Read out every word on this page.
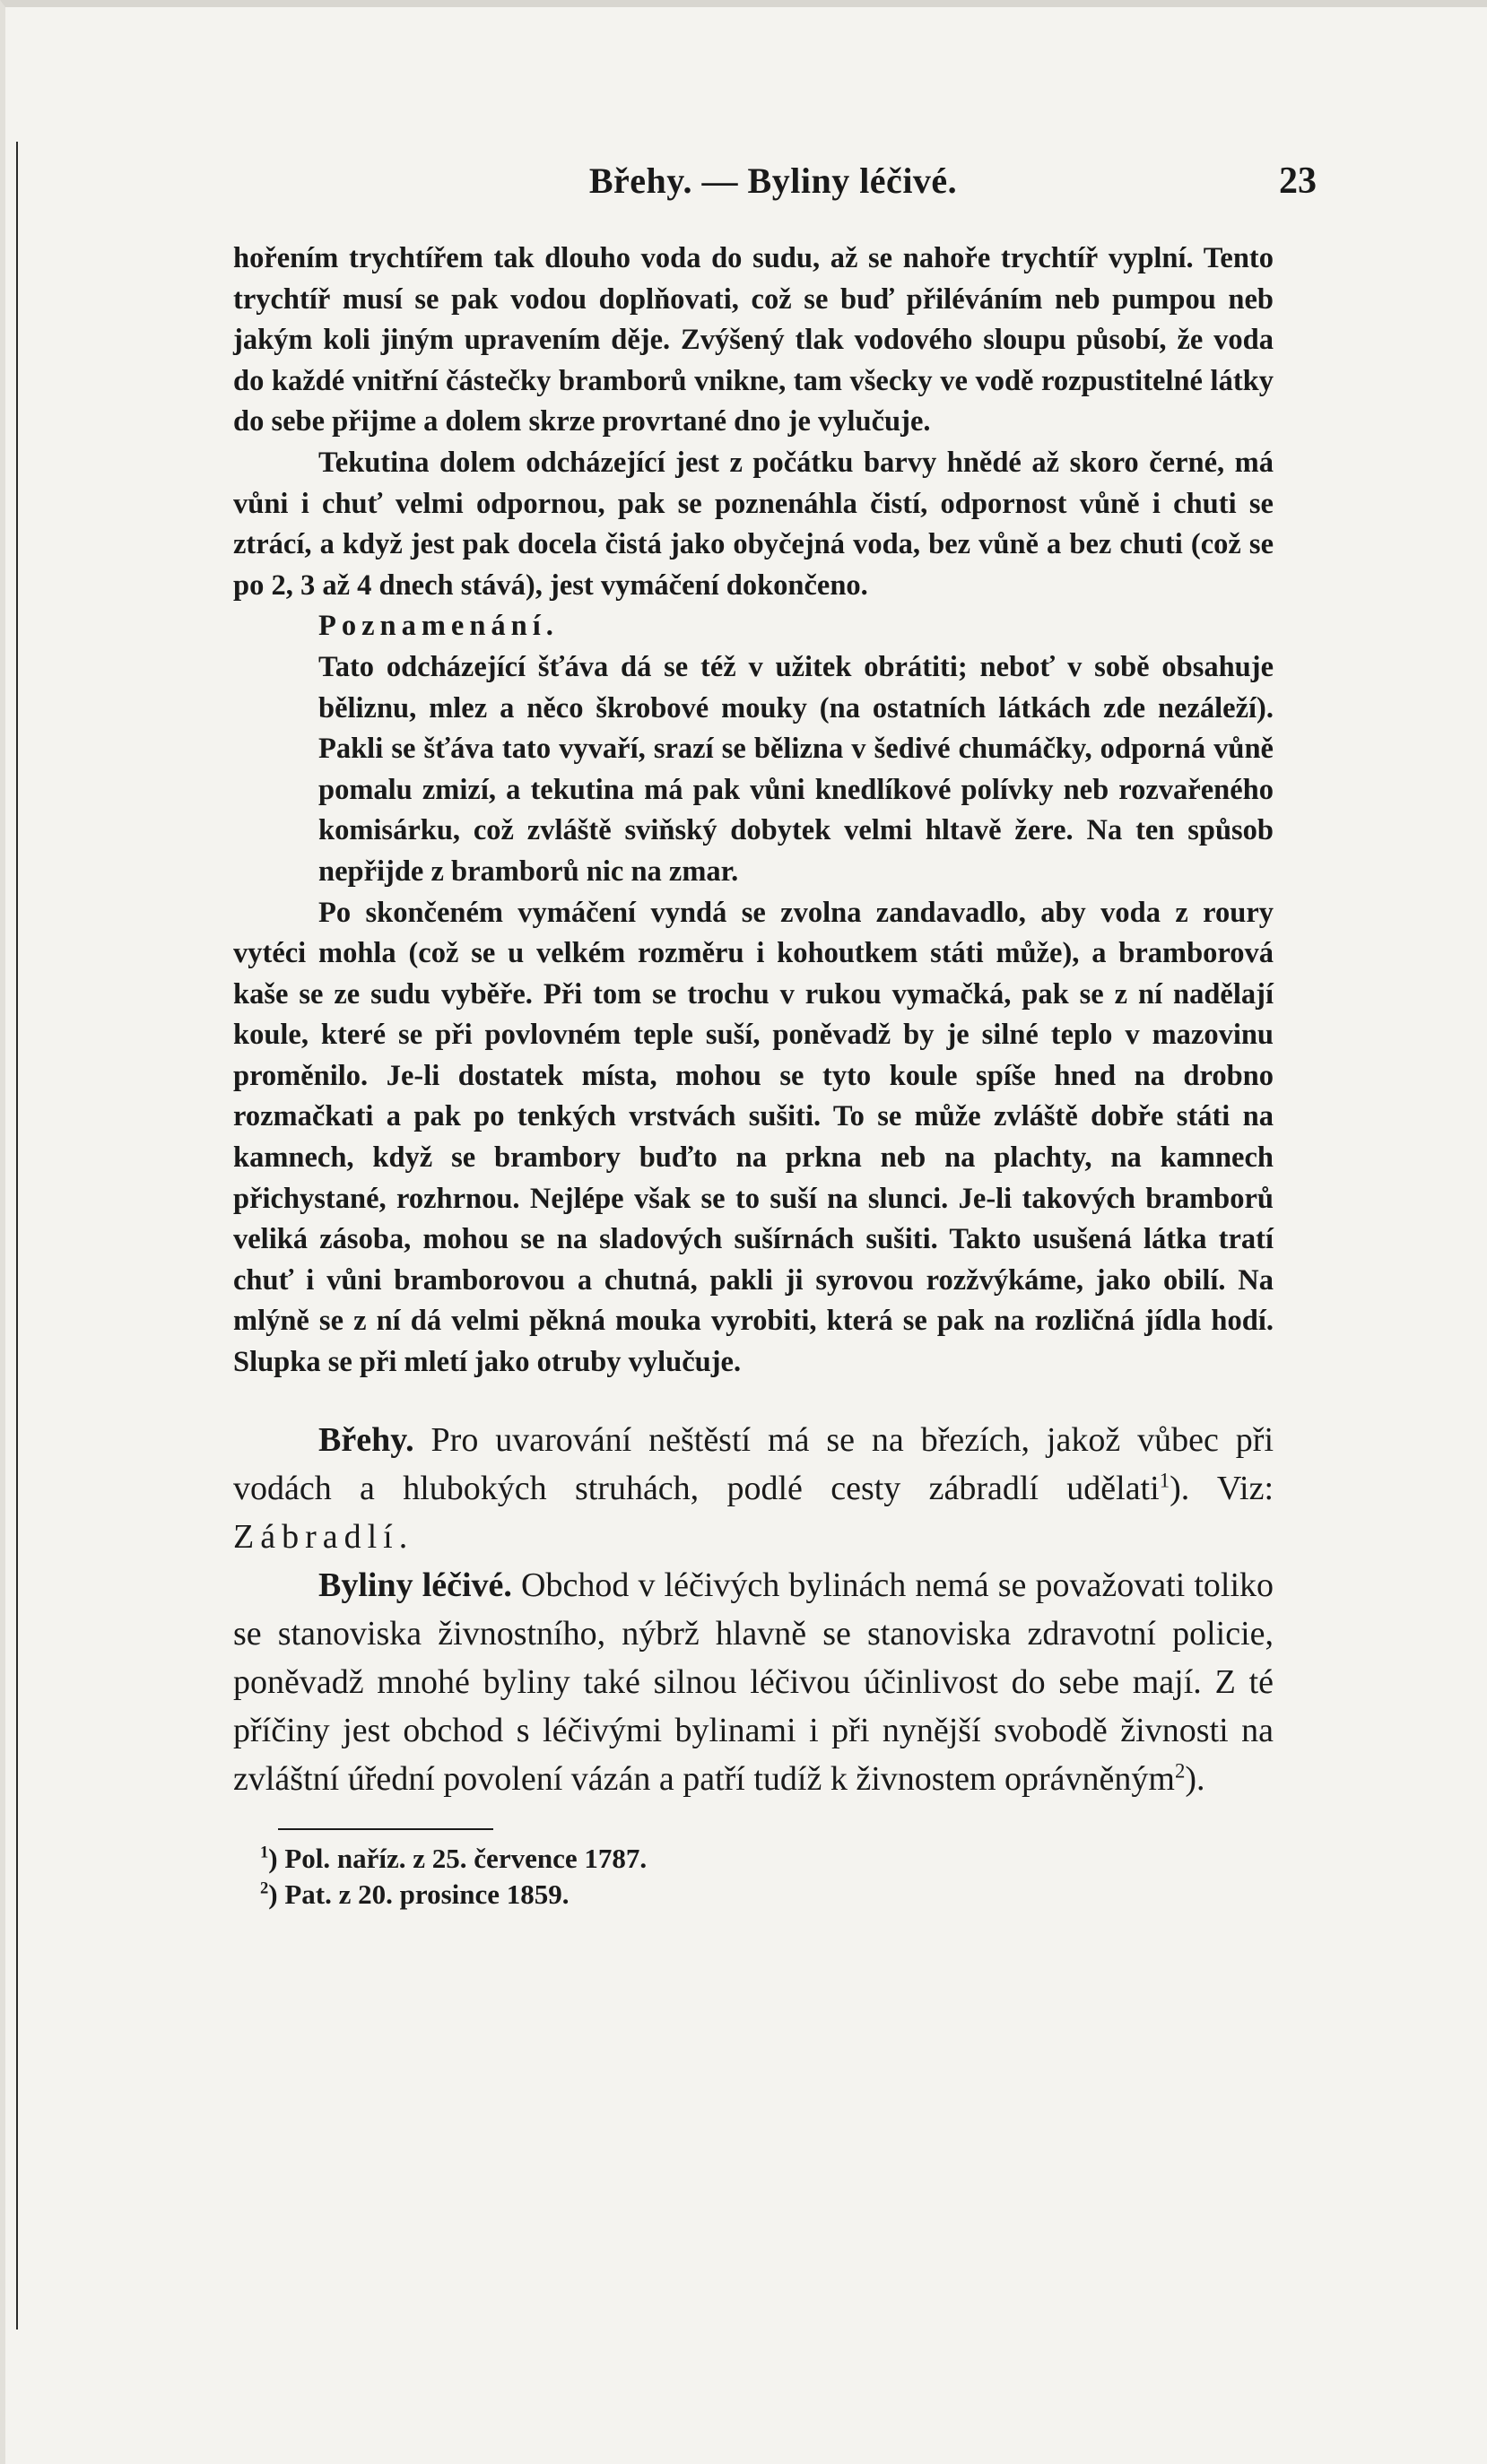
Břehy. — Byliny léčivé.	23

hořením trychtířem tak dlouho voda do sudu, až se nahoře trychtíř vyplní. Tento trychtíř musí se pak vodou doplňovati, což se buď přiléváním neb pumpou neb jakým koli jiným upravením děje. Zvýšený tlak vodového sloupu působí, že voda do každé vnitřní částečky bramborů vnikne, tam všecky ve vodě rozpustitelné látky do sebe přijme a dolem skrze provrtané dno je vylučuje.

Tekutina dolem odcházející jest z počátku barvy hnědé až skoro černé, má vůni i chuť velmi odpornou, pak se poznenáhla čistí, odpornost vůně i chuti se ztrácí, a když jest pak docela čistá jako obyčejná voda, bez vůně a bez chuti (což se po 2, 3 až 4 dnech stává), jest vymáčení dokončeno.

Poznamenání.

Tato odcházející šťáva dá se též v užitek obrátiti; neboť v sobě obsahuje běliznu, mlez a něco škrobové mouky (na ostatních látkách zde nezáleží). Pakli se šťáva tato vyvaří, srazí se bělizna v šedivé chumáčky, odporná vůně pomalu zmizí, a tekutina má pak vůni knedlíkové polívky neb rozvařeného komisárku, což zvláště sviňský dobytek velmi hltavě žere. Na ten spůsob nepřijde z bramborů nic na zmar.

Po skončeném vymáčení vyndá se zvolna zandavadlo, aby voda z roury vytéci mohla (což se u velkém rozměru i kohoutkem státi může), a bramborová kaše se ze sudu vyběře. Při tom se trochu v rukou vymačká, pak se z ní nadělají koule, které se při povlovném teple suší, poněvadž by je silné teplo v mazovinu proměnilo. Je-li dostatek místa, mohou se tyto koule spíše hned na drobno rozmačkati a pak po tenkých vrstvách sušiti. To se může zvláště dobře státi na kamnech, když se brambory buďto na prkna neb na plachty, na kamnech přichystané, rozhrnou. Nejlépe však se to suší na slunci. Je-li takových bramborů veliká zásoba, mohou se na sladových sušírnách sušiti. Takto usušená látka tratí chuť i vůni bramborovou a chutná, pakli ji syrovou rozžvýkáme, jako obilí. Na mlýně se z ní dá velmi pěkná mouka vyrobiti, která se pak na rozličná jídla hodí. Slupka se při mletí jako otruby vylučuje.

Břehy. Pro uvarování neštěstí má se na březích, jakož vůbec při vodách a hlubokých struhách, podlé cesty zábradlí udělati$^1$). Viz: Zábradlí.

Byliny léčivé. Obchod v léčivých bylinách nemá se považovati toliko se stanoviska živnostního, nýbrž hlavně se stanoviska zdravotní policie, poněvadž mnohé byliny také silnou léčivou účinlivost do sebe mají. Z té příčiny jest obchod s léčivými bylinami i při nynější svobodě živnosti na zvláštní úřední povolení vázán a patří tudíž k živnostem oprávněným$^2$).

$^1$) Pol. naříz. z 25. července 1787.

$^2$) Pat. z 20. prosince 1859.
